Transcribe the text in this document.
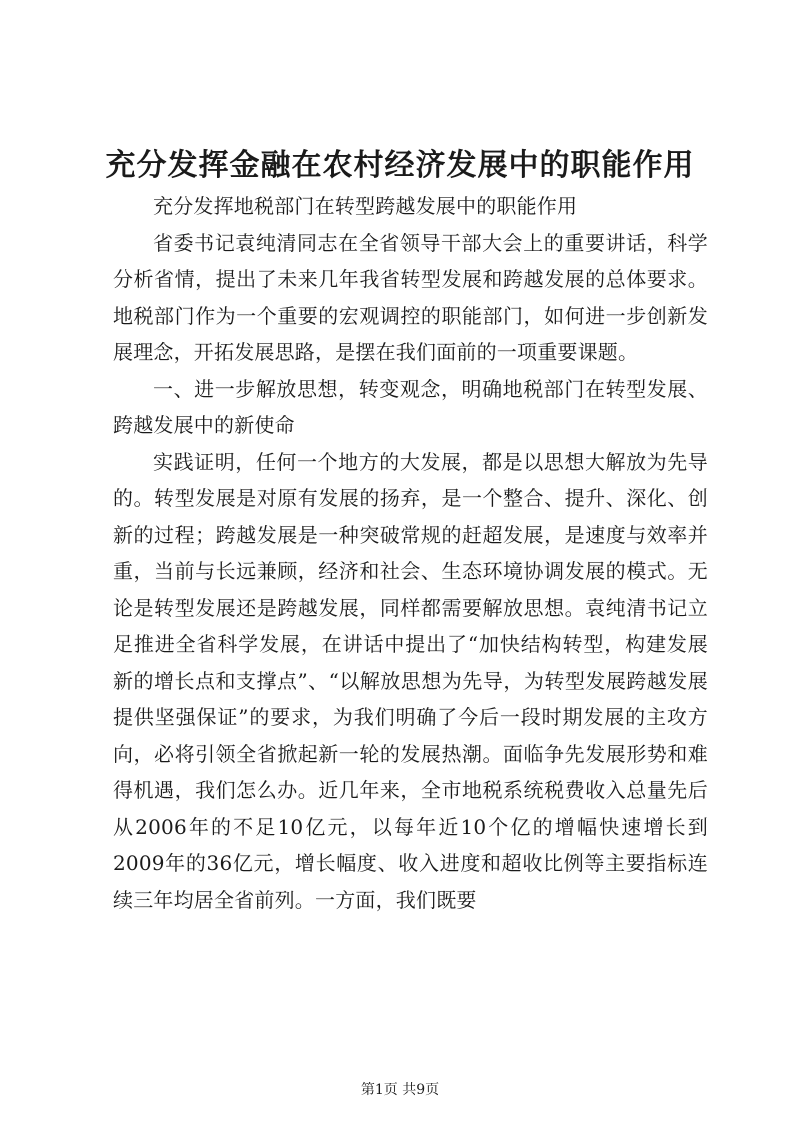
充分发挥金融在农村经济发展中的职能作用

充分发挥地税部门在转型跨越发展中的职能作用

省委书记袁纯清同志在全省领导干部大会上的重要讲话，科学分析省情，提出了未来几年我省转型发展和跨越发展的总体要求。地税部门作为一个重要的宏观调控的职能部门，如何进一步创新发展理念，开拓发展思路，是摆在我们面前的一项重要课题。

一、进一步解放思想，转变观念，明确地税部门在转型发展、跨越发展中的新使命

实践证明，任何一个地方的大发展，都是以思想大解放为先导的。转型发展是对原有发展的扬弃，是一个整合、提升、深化、创新的过程；跨越发展是一种突破常规的赶超发展，是速度与效率并重，当前与长远兼顾，经济和社会、生态环境协调发展的模式。无论是转型发展还是跨越发展，同样都需要解放思想。袁纯清书记立足推进全省科学发展，在讲话中提出了“加快结构转型，构建发展新的增长点和支撑点”、“以解放思想为先导，为转型发展跨越发展提供坚强保证”的要求，为我们明确了今后一段时期发展的主攻方向，必将引领全省掀起新一轮的发展热潮。面临争先发展形势和难得机遇，我们怎么办。近几年来，全市地税系统税费收入总量先后从2006年的不足10亿元，以每年近10个亿的增幅快速增长到2009年的36亿元，增长幅度、收入进度和超收比例等主要指标连续三年均居全省前列。一方面，我们既要

第1页 共9页
